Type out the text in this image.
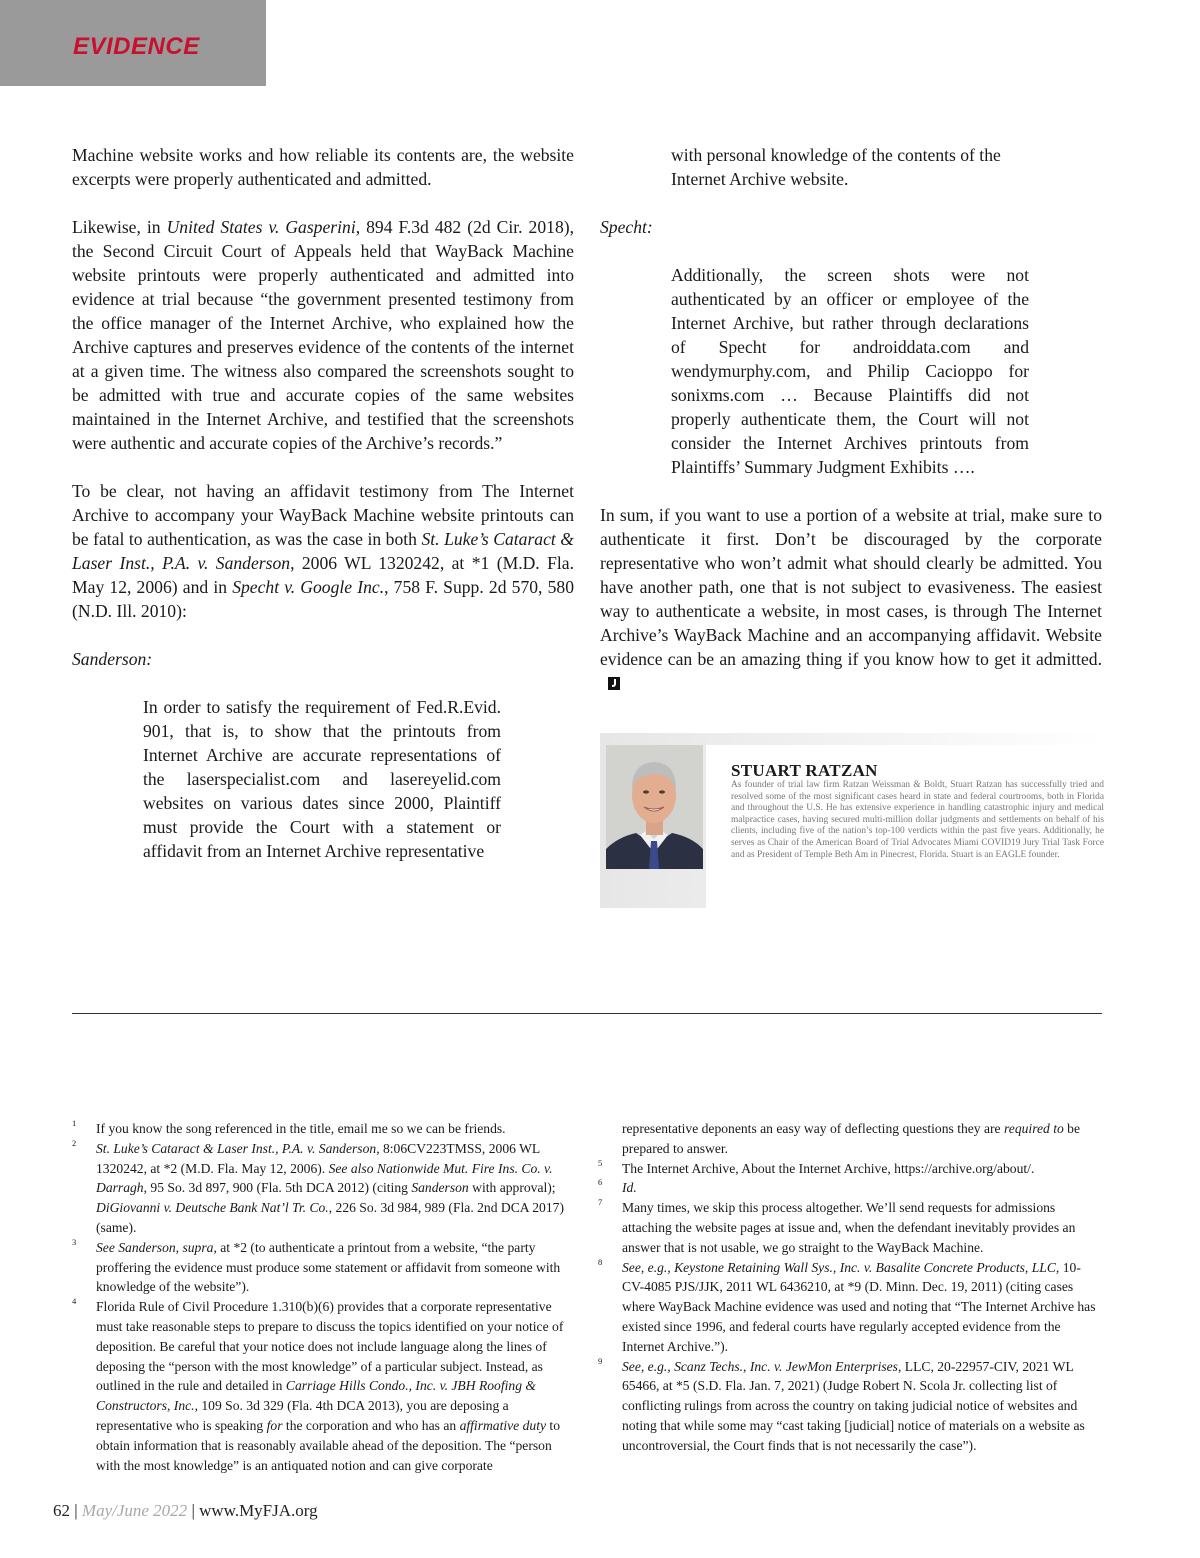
EVIDENCE

Machine website works and how reliable its contents are, the website excerpts were properly authenticated and admitted.

Likewise, in United States v. Gasperini, 894 F.3d 482 (2d Cir. 2018), the Second Circuit Court of Appeals held that WayBack Machine website printouts were properly authenticated and admitted into evidence at trial because “the government presented testimony from the office manager of the Internet Archive, who explained how the Archive captures and preserves evidence of the contents of the internet at a given time. The witness also compared the screenshots sought to be admitted with true and accurate copies of the same websites maintained in the Internet Archive, and testified that the screenshots were authentic and accurate copies of the Archive’s records.”

To be clear, not having an affidavit testimony from The Internet Archive to accompany your WayBack Machine website printouts can be fatal to authentication, as was the case in both St. Luke’s Cataract & Laser Inst., P.A. v. Sanderson, 2006 WL 1320242, at *1 (M.D. Fla. May 12, 2006) and in Specht v. Google Inc., 758 F. Supp. 2d 570, 580 (N.D. Ill. 2010):

Sanderson:

In order to satisfy the requirement of Fed.R.Evid. 901, that is, to show that the printouts from Internet Archive are accurate representations of the laserspecialist.com and lasereyelid.com websites on various dates since 2000, Plaintiff must provide the Court with a statement or affidavit from an Internet Archive representative

with personal knowledge of the contents of the Internet Archive website.

Specht:

Additionally, the screen shots were not authenticated by an officer or employee of the Internet Archive, but rather through declarations of Specht for androiddata.com and wendymurphy.com, and Philip Cacioppo for sonixms.com … Because Plaintiffs did not properly authenticate them, the Court will not consider the Internet Archives printouts from Plaintiffs’ Summary Judgment Exhibits ….

In sum, if you want to use a portion of a website at trial, make sure to authenticate it first. Don’t be discouraged by the corporate representative who won’t admit what should clearly be admitted. You have another path, one that is not subject to evasiveness. The easiest way to authenticate a website, in most cases, is through The Internet Archive’s WayBack Machine and an accompanying affidavit. Website evidence can be an amazing thing if you know how to get it admitted.

STUART RATZAN

As founder of trial law firm Ratzan Weissman & Boldt, Stuart Ratzan has successfully tried and resolved some of the most significant cases heard in state and federal courtrooms, both in Florida and throughout the U.S. He has extensive experience in handling catastrophic injury and medical malpractice cases, having secured multi-million dollar judgments and settlements on behalf of his clients, including five of the nation’s top-100 verdicts within the past five years. Additionally, he serves as Chair of the American Board of Trial Advocates Miami COVID19 Jury Trial Task Force and as President of Temple Beth Am in Pinecrest, Florida. Stuart is an EAGLE founder.

1 If you know the song referenced in the title, email me so we can be friends.

2 St. Luke’s Cataract & Laser Inst., P.A. v. Sanderson, 8:06CV223TMSS, 2006 WL 1320242, at *2 (M.D. Fla. May 12, 2006). See also Nationwide Mut. Fire Ins. Co. v. Darragh, 95 So. 3d 897, 900 (Fla. 5th DCA 2012) (citing Sanderson with approval); DiGiovanni v. Deutsche Bank Nat’l Tr. Co., 226 So. 3d 984, 989 (Fla. 2nd DCA 2017) (same).

3 See Sanderson, supra, at *2 (to authenticate a printout from a website, “the party proffering the evidence must produce some statement or affidavit from someone with knowledge of the website”).

4 Florida Rule of Civil Procedure 1.310(b)(6) provides that a corporate representative must take reasonable steps to prepare to discuss the topics identified on your notice of deposition. Be careful that your notice does not include language along the lines of deposing the “person with the most knowledge” of a particular subject. Instead, as outlined in the rule and detailed in Carriage Hills Condo., Inc. v. JBH Roofing & Constructors, Inc., 109 So. 3d 329 (Fla. 4th DCA 2013), you are deposing a representative who is speaking for the corporation and who has an affirmative duty to obtain information that is reasonably available ahead of the deposition. The “person with the most knowledge” is an antiquated notion and can give corporate

representative deponents an easy way of deflecting questions they are required to be prepared to answer.

5 The Internet Archive, About the Internet Archive, https://archive.org/about/.

6 Id.

7 Many times, we skip this process altogether. We’ll send requests for admissions attaching the website pages at issue and, when the defendant inevitably provides an answer that is not usable, we go straight to the WayBack Machine.

8 See, e.g., Keystone Retaining Wall Sys., Inc. v. Basalite Concrete Products, LLC, 10-CV-4085 PJS/JJK, 2011 WL 6436210, at *9 (D. Minn. Dec. 19, 2011) (citing cases where WayBack Machine evidence was used and noting that “The Internet Archive has existed since 1996, and federal courts have regularly accepted evidence from the Internet Archive.”).

9 See, e.g., Scanz Techs., Inc. v. JewMon Enterprises, LLC, 20-22957-CIV, 2021 WL 65466, at *5 (S.D. Fla. Jan. 7, 2021) (Judge Robert N. Scola Jr. collecting list of conflicting rulings from across the country on taking judicial notice of websites and noting that while some may “cast taking [judicial] notice of materials on a website as uncontroversial, the Court finds that is not necessarily the case”).

62 | May/June 2022 | www.MyFJA.org
